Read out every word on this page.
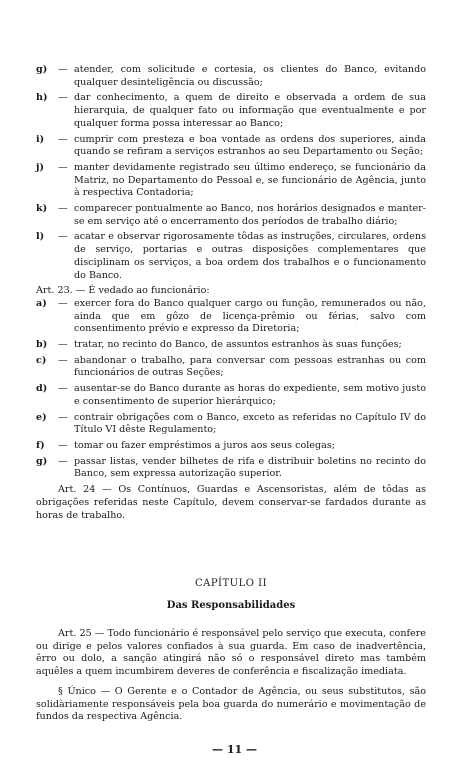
g)	— atender, com solicitude e cortesia, os clientes do Banco, evitando qualquer desinteligência ou discussão;
h)	— dar conhecimento, a quem de direito e observada a ordem de sua hierarquia, de qualquer fato ou informação que eventualmente e por qualquer forma possa interessar ao Banco;
i)	— cumprir com presteza e boa vontade as ordens dos superiores, ainda quando se refiram a serviços estranhos ao seu Departamento ou Seção;
j)	— manter devidamente registrado seu último endereço, se funcionário da Matriz, no Departamento do Pessoal e, se funcionário de Agência, junto à respectiva Contadoria;
k)	— comparecer pontualmente ao Banco, nos horários designados e manter-se em serviço até o encerramento dos períodos de trabalho diário;
l)	— acatar e observar rigorosamente tôdas as instruções, circulares, ordens de serviço, portarias e outras disposições complementares que disciplinam os serviços, a boa ordem dos trabalhos e o funcionamento do Banco.
Art. 23. — É vedado ao funcionário:
a)	— exercer fora do Banco qualquer cargo ou função, remunerados ou não, ainda que em gôzo de licença-prêmio ou férias, salvo com consentimento prévio e expresso da Diretoria;
b)	— tratar, no recinto do Banco, de assuntos estranhos às suas funções;
c)	— abandonar o trabalho, para conversar com pessoas estranhas ou com funcionários de outras Seções;
d)	— ausentar-se do Banco durante as horas do expediente, sem motivo justo e consentimento de superior hierárquico;
e)	— contrair obrigações com o Banco, exceto as referidas no Capítulo IV do Título VI dêste Regulamento;
f)	— tomar ou fazer empréstimos a juros aos seus colegas;
g)	— passar listas, vender bilhetes de rifa e distribuir boletins no recinto do Banco, sem expressa autorização superior.
Art. 24 — Os Contínuos, Guardas e Ascensoristas, além de tôdas as obrigações referidas neste Capítulo, devem conservar-se fardados durante as horas de trabalho.
CAPÍTULO II
Das Responsabilidades
Art. 25 — Todo funcionário é responsável pelo serviço que executa, confere ou dirige e pelos valores confiados à sua guarda. Em caso de inadvertência, êrro ou dolo, a sanção atingirá não só o responsável direto mas também aquêles a quem incumbirem deveres de conferência e fiscalização imediata.
§ Único — O Gerente e o Contador de Agência, ou seus substitutos, são solidàriamente responsáveis pela boa guarda do numerário e movimentação de fundos da respectiva Agência.
— 11 —
